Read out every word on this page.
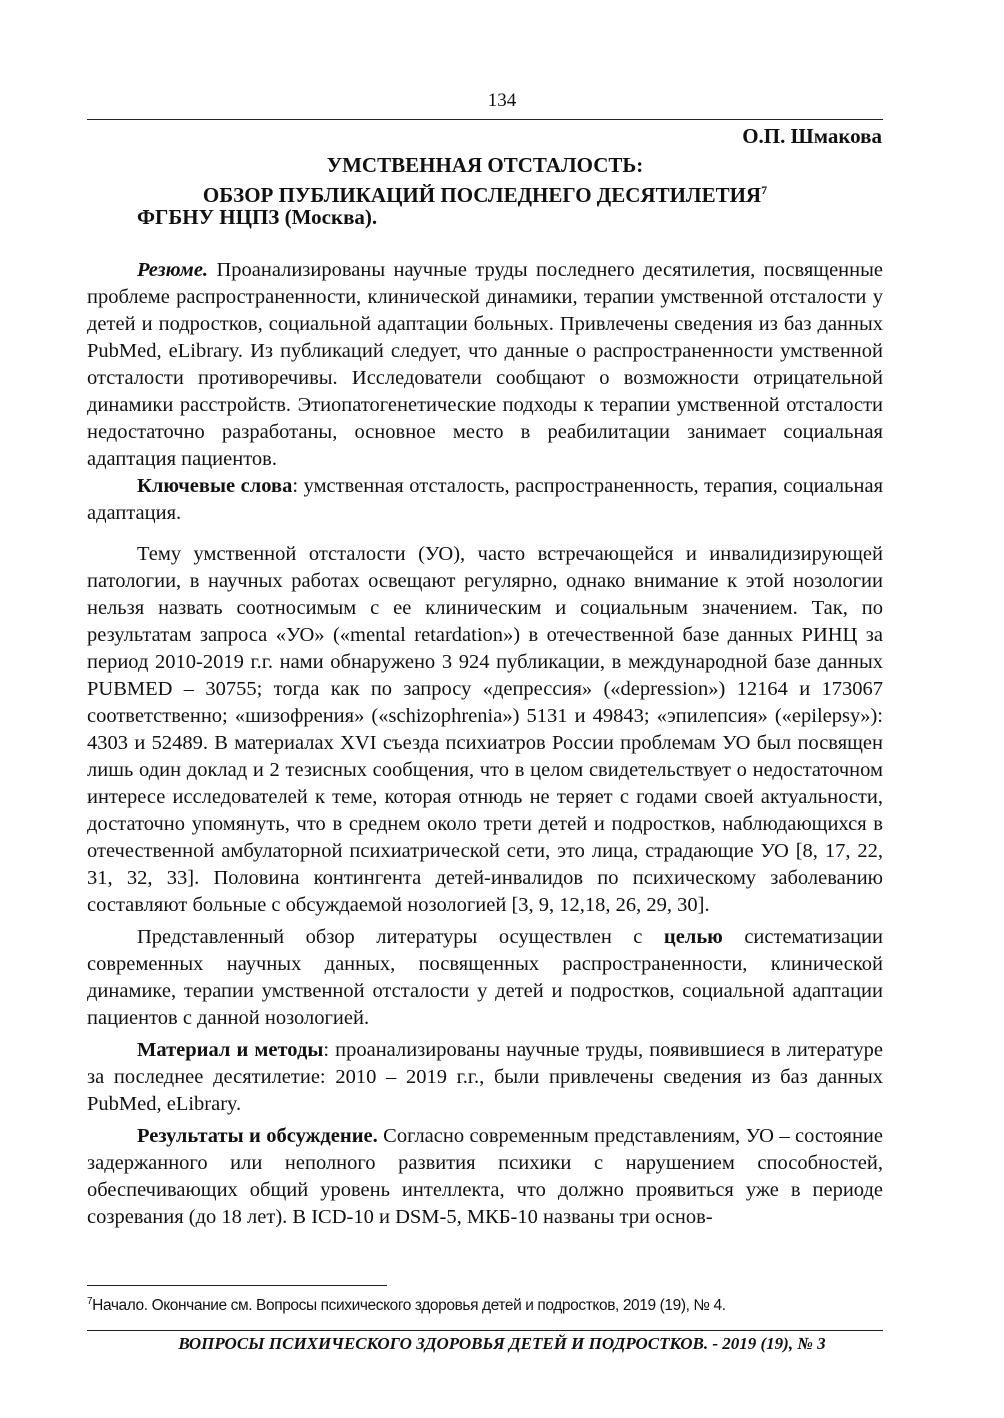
134
О.П. Шмакова
УМСТВЕННАЯ ОТСТАЛОСТЬ:
ОБЗОР ПУБЛИКАЦИЙ ПОСЛЕДНЕГО ДЕСЯТИЛЕТИЯ$^7$
ФГБНУ НЦПЗ (Москва).

Резюме. Проанализированы научные труды последнего десятилетия, посвященные проблеме распространенности, клинической динамики, терапии умственной отсталости у детей и подростков, социальной адаптации больных. Привлечены сведения из баз данных PubMed, eLibrary. Из публикаций следует, что данные о распространенности умственной отсталости противоречивы. Исследователи сообщают о возможности отрицательной динамики расстройств. Этиопатогенетические подходы к терапии умственной отсталости недостаточно разработаны, основное место в реабилитации занимает социальная адаптация пациентов.

Ключевые слова: умственная отсталость, распространенность, терапия, социальная адаптация.

Тему умственной отсталости (УО), часто встречающейся и инвалидизирующей патологии, в научных работах освещают регулярно, однако внимание к этой нозологии нельзя назвать соотносимым с ее клиническим и социальным значением. Так, по результатам запроса «УО» («mental retardation») в отечественной базе данных РИНЦ за период 2010-2019 г.г. нами обнаружено 3 924 публикации, в международной базе данных PUBMED – 30755; тогда как по запросу «депрессия» («depression») 12164 и 173067 соответственно; «шизофрения» («schizophrenia») 5131 и 49843; «эпилепсия» («epilepsy»): 4303 и 52489. В материалах XVI съезда психиатров России проблемам УО был посвящен лишь один доклад и 2 тезисных сообщения, что в целом свидетельствует о недостаточном интересе исследователей к теме, которая отнюдь не теряет с годами своей актуальности, достаточно упомянуть, что в среднем около трети детей и подростков, наблюдающихся в отечественной амбулаторной психиатрической сети, это лица, страдающие УО [8, 17, 22, 31, 32, 33]. Половина контингента детей-инвалидов по психическому заболеванию составляют больные с обсуждаемой нозологией [3, 9, 12,18, 26, 29, 30].

Представленный обзор литературы осуществлен с целью систематизации современных научных данных, посвященных распространенности, клинической динамике, терапии умственной отсталости у детей и подростков, социальной адаптации пациентов с данной нозологией.

Материал и методы: проанализированы научные труды, появившиеся в литературе за последнее десятилетие: 2010 – 2019 г.г., были привлечены сведения из баз данных PubMed, eLibrary.

Результаты и обсуждение. Согласно современным представлениям, УО – состояние задержанного или неполного развития психики с нарушением способностей, обеспечивающих общий уровень интеллекта, что должно проявиться уже в периоде созревания (до 18 лет). В ICD-10 и DSM-5, МКБ-10 названы три основ-

$^7$Начало. Окончание см. Вопросы психического здоровья детей и подростков, 2019 (19), № 4.
ВОПРОСЫ ПСИХИЧЕСКОГО ЗДОРОВЬЯ ДЕТЕЙ И ПОДРОСТКОВ. - 2019 (19), № 3
